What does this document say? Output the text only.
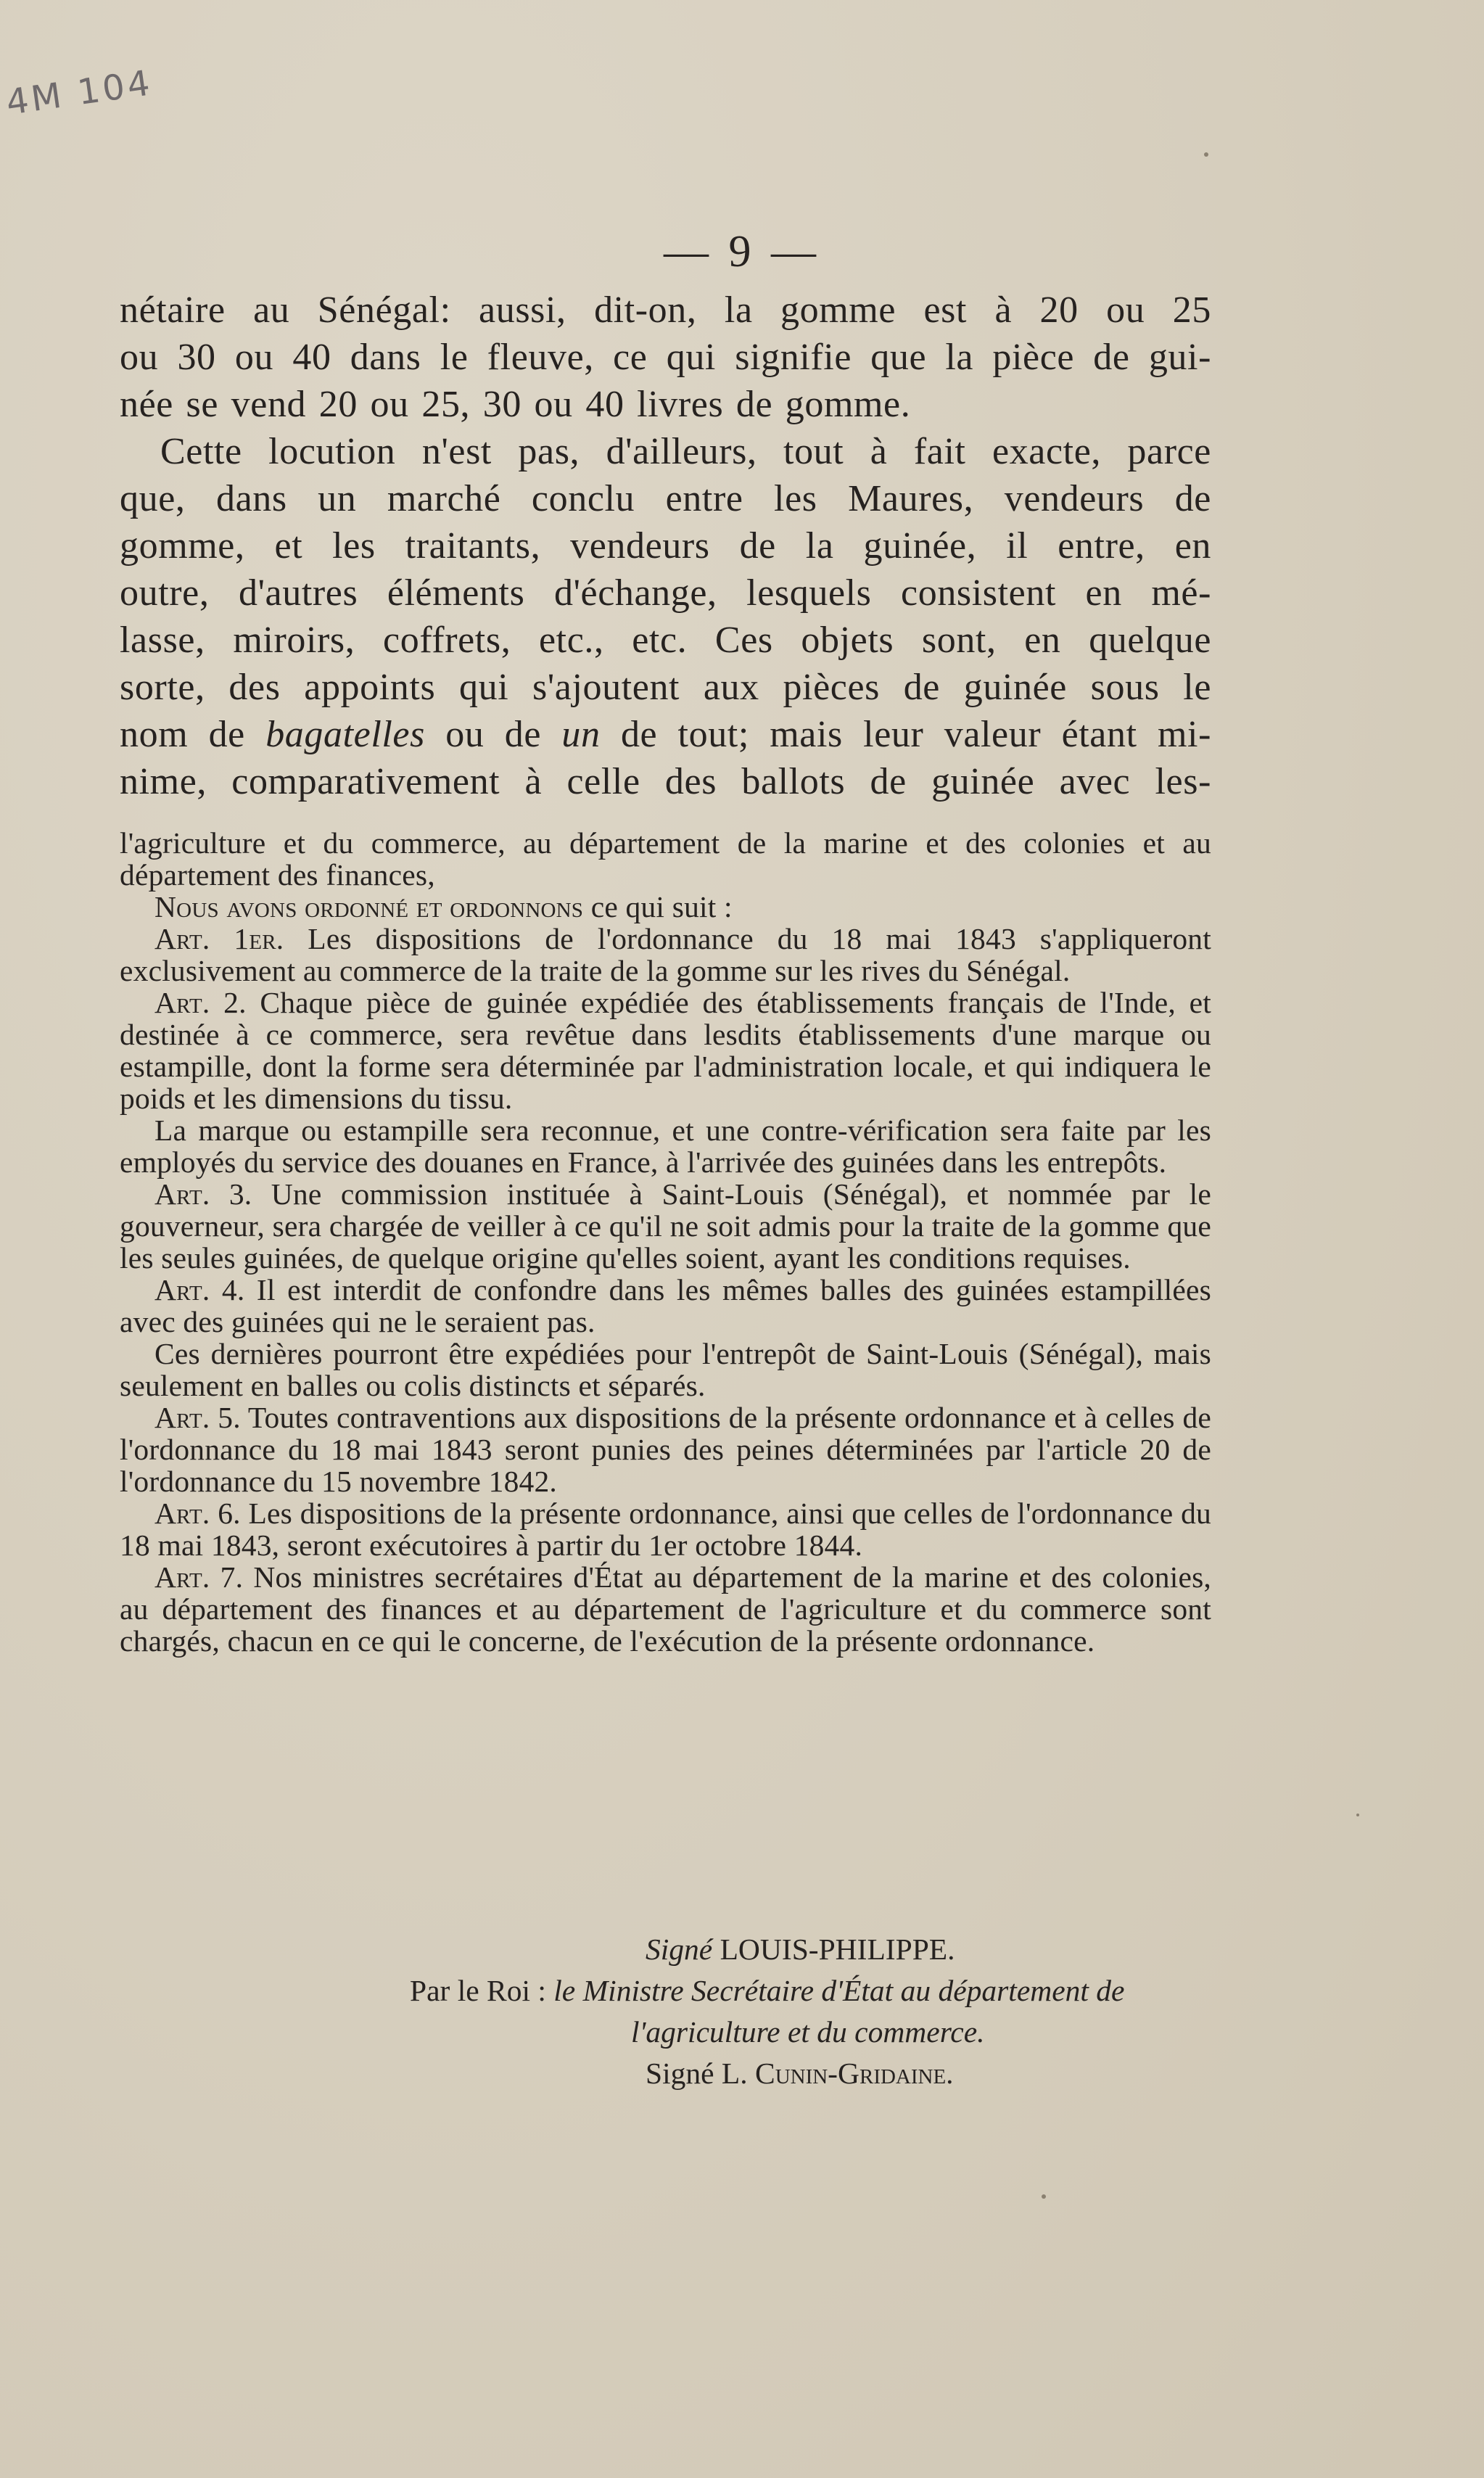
4M 104
— 9 —
nétaire au Sénégal: aussi, dit-on, la gomme est à 20 ou 25
ou 30 ou 40 dans le fleuve, ce qui signifie que la pièce de gui-
née se vend 20 ou 25, 30 ou 40 livres de gomme.
Cette locution n'est pas, d'ailleurs, tout à fait exacte, parce
que, dans un marché conclu entre les Maures, vendeurs de
gomme, et les traitants, vendeurs de la guinée, il entre, en
outre, d'autres éléments d'échange, lesquels consistent en mé-
lasse, miroirs, coffrets, etc., etc. Ces objets sont, en quelque
sorte, des appoints qui s'ajoutent aux pièces de guinée sous le
nom de bagatelles ou de un de tout; mais leur valeur étant mi-
nime, comparativement à celle des ballots de guinée avec les-

l'agriculture et du commerce, au département de la marine et des colonies et au département des finances,

Nous avons ordonné et ordonnons ce qui suit :

Art. 1er. Les dispositions de l'ordonnance du 18 mai 1843 s'appliqueront exclusivement au commerce de la traite de la gomme sur les rives du Sénégal.

Art. 2. Chaque pièce de guinée expédiée des établissements français de l'Inde, et destinée à ce commerce, sera revêtue dans lesdits établissements d'une marque ou estampille, dont la forme sera déterminée par l'administration locale, et qui indiquera le poids et les dimensions du tissu.

La marque ou estampille sera reconnue, et une contre-vérification sera faite par les employés du service des douanes en France, à l'arrivée des guinées dans les entrepôts.

Art. 3. Une commission instituée à Saint-Louis (Sénégal), et nommée par le gouverneur, sera chargée de veiller à ce qu'il ne soit admis pour la traite de la gomme que les seules guinées, de quelque origine qu'elles soient, ayant les conditions requises.

Art. 4. Il est interdit de confondre dans les mêmes balles des guinées estampillées avec des guinées qui ne le seraient pas.

Ces dernières pourront être expédiées pour l'entrepôt de Saint-Louis (Sénégal), mais seulement en balles ou colis distincts et séparés.

Art. 5. Toutes contraventions aux dispositions de la présente ordonnance et à celles de l'ordonnance du 18 mai 1843 seront punies des peines déterminées par l'article 20 de l'ordonnance du 15 novembre 1842.

Art. 6. Les dispositions de la présente ordonnance, ainsi que celles de l'ordonnance du 18 mai 1843, seront exécutoires à partir du 1er octobre 1844.

Art. 7. Nos ministres secrétaires d'État au département de la marine et des colonies, au département des finances et au département de l'agriculture et du commerce sont chargés, chacun en ce qui le concerne, de l'exécution de la présente ordonnance.

Signé LOUIS-PHILIPPE.
Par le Roi : le Ministre Secrétaire d'État au département de
l'agriculture et du commerce.
Signé L. Cunin-Gridaine.
